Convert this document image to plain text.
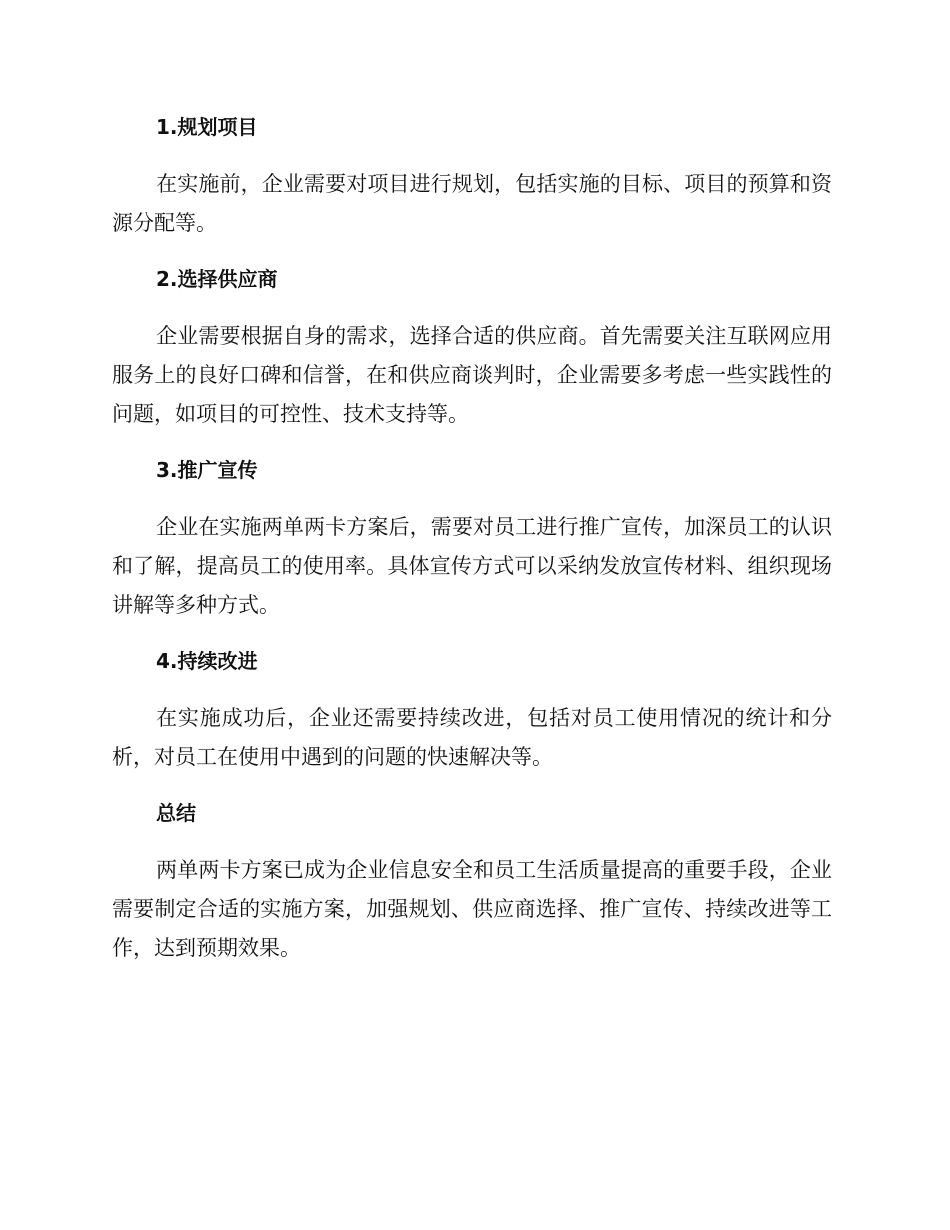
1.规划项目

在实施前，企业需要对项目进行规划，包括实施的目标、项目的预算和资源分配等。

2.选择供应商

企业需要根据自身的需求，选择合适的供应商。首先需要关注互联网应用服务上的良好口碑和信誉，在和供应商谈判时，企业需要多考虑一些实践性的问题，如项目的可控性、技术支持等。

3.推广宣传

企业在实施两单两卡方案后，需要对员工进行推广宣传，加深员工的认识和了解，提高员工的使用率。具体宣传方式可以采纳发放宣传材料、组织现场讲解等多种方式。

4.持续改进

在实施成功后，企业还需要持续改进，包括对员工使用情况的统计和分析，对员工在使用中遇到的问题的快速解决等。

总结

两单两卡方案已成为企业信息安全和员工生活质量提高的重要手段，企业需要制定合适的实施方案，加强规划、供应商选择、推广宣传、持续改进等工作，达到预期效果。
